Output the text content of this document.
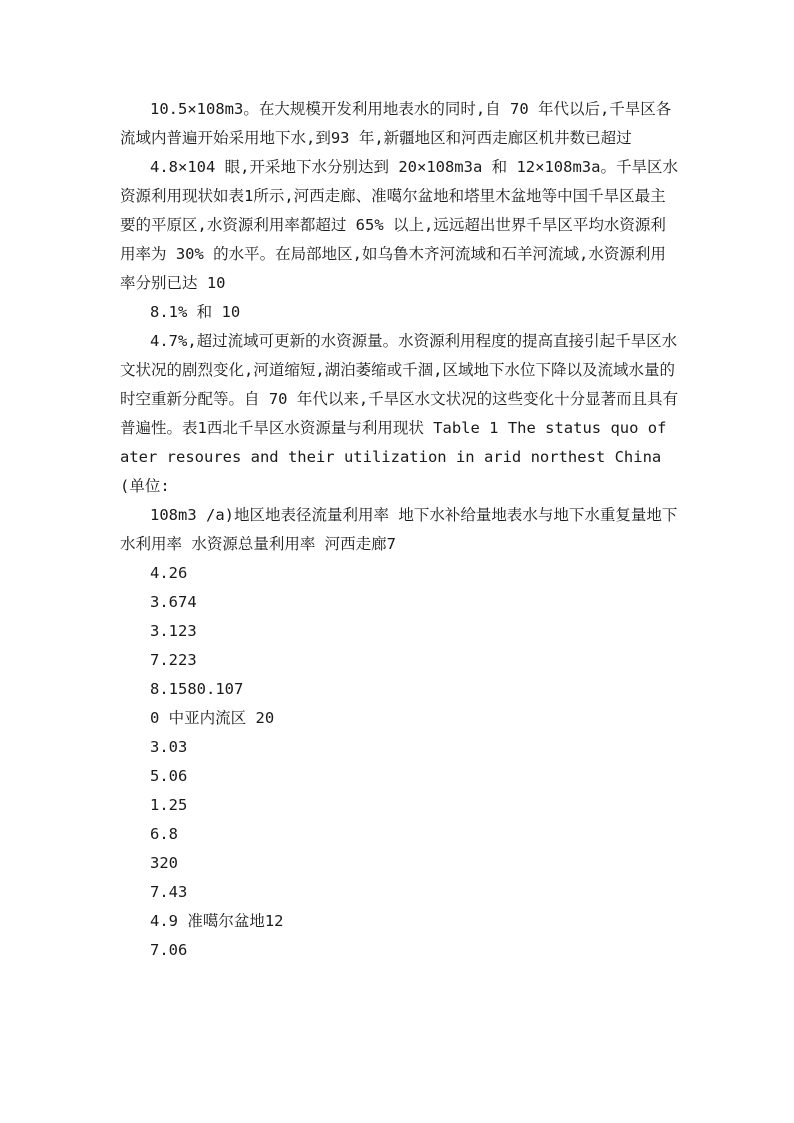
10.5×108m3。在大规模开发利用地表水的同时,自 70 年代以后,千旱区各流域内普遍开始采用地下水,到93 年,新疆地区和河西走廊区机井数已超过

4.8×104 眼,开采地下水分别达到 20×108m3a 和 12×108m3a。千旱区水资源利用现状如表1所示,河西走廊、准噶尔盆地和塔里木盆地等中国千旱区最主要的平原区,水资源利用率都超过 65% 以上,远远超出世界千旱区平均水资源利用率为 30% 的水平。在局部地区,如乌鲁木齐河流域和石羊河流域,水资源利用率分别已达 10

8.1% 和 10

4.7%,超过流域可更新的水资源量。水资源利用程度的提高直接引起千旱区水文状况的剧烈变化,河道缩短,湖泊萎缩或千涸,区域地下水位下降以及流域水量的时空重新分配等。自 70 年代以来,千旱区水文状况的这些变化十分显著而且具有普遍性。表1西北千旱区水资源量与利用现状 Table 1 The status quo of ater resoures and their utilization in arid northest China(单位:

108m3 /a)地区地表径流量利用率 地下水补给量地表水与地下水重复量地下水利用率 水资源总量利用率 河西走廊7

4.26

3.674

3.123

7.223

8.1580.107

0 中亚内流区 20

3.03

5.06

1.25

6.8

320

7.43

4.9 准噶尔盆地12

7.06
